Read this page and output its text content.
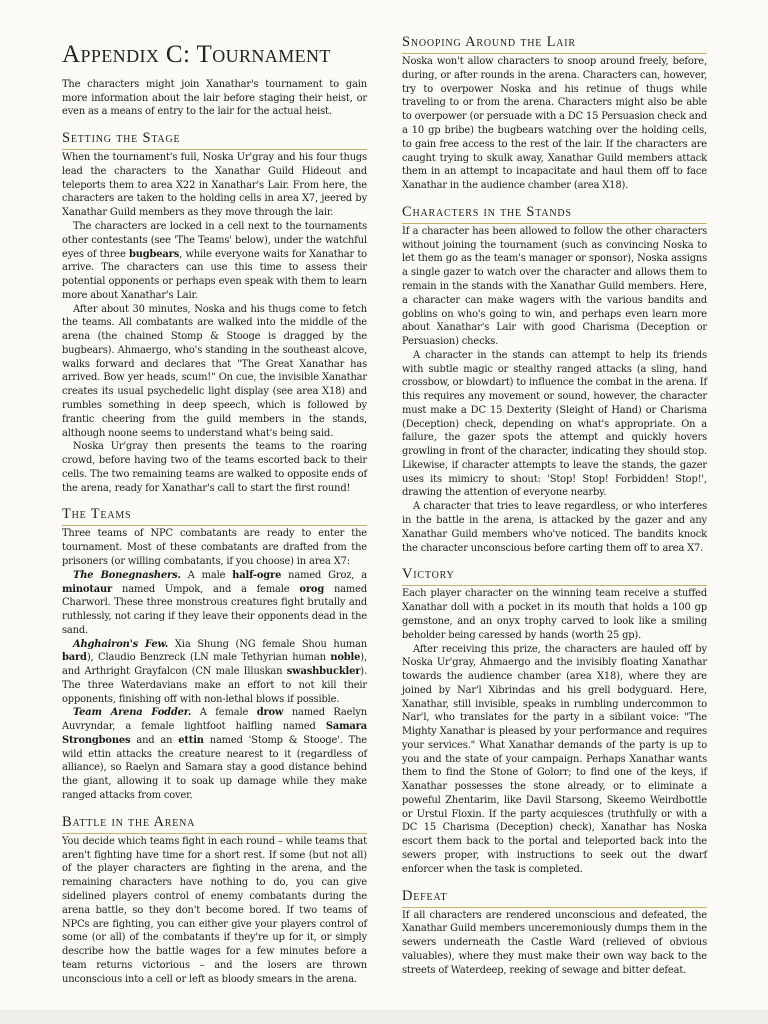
Appendix C: Tournament

The characters might join Xanathar's tournament to gain more information about the lair before staging their heist, or even as a means of entry to the lair for the actual heist.

Setting the Stage

When the tournament's full, Noska Ur'gray and his four thugs lead the characters to the Xanathar Guild Hideout and teleports them to area X22 in Xanathar's Lair. From here, the characters are taken to the holding cells in area X7, jeered by Xanathar Guild members as they move through the lair.

The characters are locked in a cell next to the tournaments other contestants (see 'The Teams' below), under the watchful eyes of three bugbears, while everyone waits for Xanathar to arrive. The characters can use this time to assess their potential opponents or perhaps even speak with them to learn more about Xanathar's Lair.

After about 30 minutes, Noska and his thugs come to fetch the teams. All combatants are walked into the middle of the arena (the chained Stomp & Stooge is dragged by the bugbears). Ahmaergo, who's standing in the southeast alcove, walks forward and declares that "The Great Xanathar has arrived. Bow yer heads, scum!" On cue, the invisible Xanathar creates its usual psychedelic light display (see area X18) and rumbles something in deep speech, which is followed by frantic cheering from the guild members in the stands, although noone seems to understand what's being said.

Noska Ur'gray then presents the teams to the roaring crowd, before having two of the teams escorted back to their cells. The two remaining teams are walked to opposite ends of the arena, ready for Xanathar's call to start the first round!

The Teams

Three teams of NPC combatants are ready to enter the tournament. Most of these combatants are drafted from the prisoners (or willing combatants, if you choose) in area X7:

The Bonegnashers. A male half-ogre named Groz, a minotaur named Umpok, and a female orog named Charworl. These three monstrous creatures fight brutally and ruthlessly, not caring if they leave their opponents dead in the sand.

Ahghairon's Few. Xia Shung (NG female Shou human bard), Claudio Benzreck (LN male Tethyrian human noble), and Arthright Grayfalcon (CN male Illuskan swashbuckler). The three Waterdavians make an effort to not kill their opponents, finishing off with non-lethal blows if possible.

Team Arena Fodder. A female drow named Raelyn Auvryndar, a female lightfoot halfling named Samara Strongbones and an ettin named 'Stomp & Stooge'. The wild ettin attacks the creature nearest to it (regardless of alliance), so Raelyn and Samara stay a good distance behind the giant, allowing it to soak up damage while they make ranged attacks from cover.

Battle in the Arena

You decide which teams fight in each round – while teams that aren't fighting have time for a short rest. If some (but not all) of the player characters are fighting in the arena, and the remaining characters have nothing to do, you can give sidelined players control of enemy combatants during the arena battle, so they don't become bored. If two teams of NPCs are fighting, you can either give your players control of some (or all) of the combatants if they're up for it, or simply describe how the battle wages for a few minutes before a team returns victorious – and the losers are thrown unconscious into a cell or left as bloody smears in the arena.

Snooping Around the Lair

Noska won't allow characters to snoop around freely, before, during, or after rounds in the arena. Characters can, however, try to overpower Noska and his retinue of thugs while traveling to or from the arena. Characters might also be able to overpower (or persuade with a DC 15 Persuasion check and a 10 gp bribe) the bugbears watching over the holding cells, to gain free access to the rest of the lair. If the characters are caught trying to skulk away, Xanathar Guild members attack them in an attempt to incapacitate and haul them off to face Xanathar in the audience chamber (area X18).

Characters in the Stands

If a character has been allowed to follow the other characters without joining the tournament (such as convincing Noska to let them go as the team's manager or sponsor), Noska assigns a single gazer to watch over the character and allows them to remain in the stands with the Xanathar Guild members. Here, a character can make wagers with the various bandits and goblins on who's going to win, and perhaps even learn more about Xanathar's Lair with good Charisma (Deception or Persuasion) checks.

A character in the stands can attempt to help its friends with subtle magic or stealthy ranged attacks (a sling, hand crossbow, or blowdart) to influence the combat in the arena. If this requires any movement or sound, however, the character must make a DC 15 Dexterity (Sleight of Hand) or Charisma (Deception) check, depending on what's appropriate. On a failure, the gazer spots the attempt and quickly hovers growling in front of the character, indicating they should stop. Likewise, if character attempts to leave the stands, the gazer uses its mimicry to shout: 'Stop! Stop! Forbidden! Stop!', drawing the attention of everyone nearby.

A character that tries to leave regardless, or who interferes in the battle in the arena, is attacked by the gazer and any Xanathar Guild members who've noticed. The bandits knock the character unconscious before carting them off to area X7.

Victory

Each player character on the winning team receive a stuffed Xanathar doll with a pocket in its mouth that holds a 100 gp gemstone, and an onyx trophy carved to look like a smiling beholder being caressed by hands (worth 25 gp).

After receiving this prize, the characters are hauled off by Noska Ur'gray, Ahmaergo and the invisibly floating Xanathar towards the audience chamber (area X18), where they are joined by Nar'l Xibrindas and his grell bodyguard. Here, Xanathar, still invisible, speaks in rumbling undercommon to Nar'l, who translates for the party in a sibilant voice: "The Mighty Xanathar is pleased by your performance and requires your services." What Xanathar demands of the party is up to you and the state of your campaign. Perhaps Xanathar wants them to find the Stone of Golorr; to find one of the keys, if Xanathar possesses the stone already, or to eliminate a poweful Zhentarim, like Davil Starsong, Skeemo Weirdbottle or Urstul Floxin. If the party acquiesces (truthfully or with a DC 15 Charisma (Deception) check), Xanathar has Noska escort them back to the portal and teleported back into the sewers proper, with instructions to seek out the dwarf enforcer when the task is completed.

Defeat

If all characters are rendered unconscious and defeated, the Xanathar Guild members unceremoniously dumps them in the sewers underneath the Castle Ward (relieved of obvious valuables), where they must make their own way back to the streets of Waterdeep, reeking of sewage and bitter defeat.
